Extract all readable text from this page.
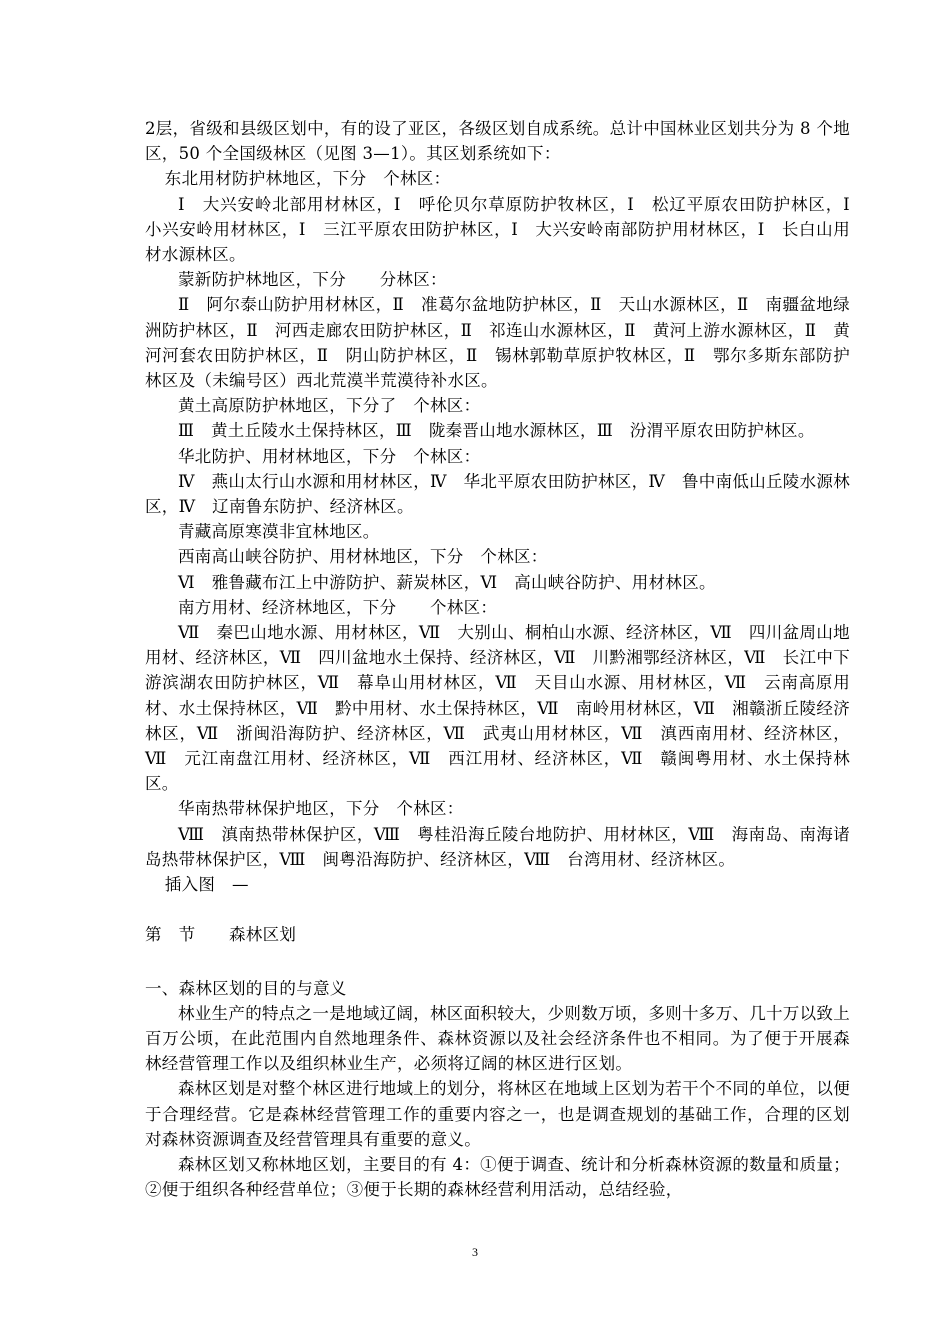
2层，省级和县级区划中，有的设了亚区，各级区划自成系统。总计中国林业区划共分为 8 个地区，50 个全国级林区（见图 3—1）。其区划系统如下：

东北用材防护林地区，下分　个林区：

Ⅰ　大兴安岭北部用材林区，Ⅰ　呼伦贝尔草原防护牧林区，Ⅰ　松辽平原农田防护林区，Ⅰ　小兴安岭用材林区，Ⅰ　三江平原农田防护林区，Ⅰ　大兴安岭南部防护用材林区，Ⅰ　长白山用材水源林区。

蒙新防护林地区，下分　　分林区：

Ⅱ　阿尔泰山防护用材林区，Ⅱ　准葛尔盆地防护林区，Ⅱ　天山水源林区，Ⅱ　南疆盆地绿洲防护林区，Ⅱ　河西走廊农田防护林区，Ⅱ　祁连山水源林区，Ⅱ　黄河上游水源林区，Ⅱ　黄河河套农田防护林区，Ⅱ　阴山防护林区，Ⅱ　锡林郭勒草原护牧林区，Ⅱ　鄂尔多斯东部防护林区及（未编号区）西北荒漠半荒漠待补水区。

黄土高原防护林地区，下分了　个林区：

Ⅲ　黄土丘陵水土保持林区，Ⅲ　陇秦晋山地水源林区，Ⅲ　汾渭平原农田防护林区。

华北防护、用材林地区，下分　个林区：

Ⅳ　燕山太行山水源和用材林区，Ⅳ　华北平原农田防护林区，Ⅳ　鲁中南低山丘陵水源林区，Ⅳ　辽南鲁东防护、经济林区。

青藏高原寒漠非宜林地区。

西南高山峡谷防护、用材林地区，下分　个林区：

Ⅵ　雅鲁藏布江上中游防护、薪炭林区，Ⅵ　高山峡谷防护、用材林区。

南方用材、经济林地区，下分　　个林区：

Ⅶ　秦巴山地水源、用材林区，Ⅶ　大别山、桐柏山水源、经济林区，Ⅶ　四川盆周山地用材、经济林区，Ⅶ　四川盆地水土保持、经济林区，Ⅶ　川黔湘鄂经济林区，Ⅶ　长江中下游滨湖农田防护林区，Ⅶ　幕阜山用材林区，Ⅶ　天目山水源、用材林区，Ⅶ　云南高原用材、水土保持林区，Ⅶ　黔中用材、水土保持林区，Ⅶ　南岭用材林区，Ⅶ　湘赣浙丘陵经济林区，Ⅶ　浙闽沿海防护、经济林区，Ⅶ　武夷山用材林区，Ⅶ　滇西南用材、经济林区，Ⅶ　元江南盘江用材、经济林区，Ⅶ　西江用材、经济林区，Ⅶ　赣闽粤用材、水土保持林区。

华南热带林保护地区，下分　个林区：

Ⅷ　滇南热带林保护区，Ⅷ　粤桂沿海丘陵台地防护、用材林区，Ⅷ　海南岛、南海诸岛热带林保护区，Ⅷ　闽粤沿海防护、经济林区，Ⅷ　台湾用材、经济林区。

插入图　—

第　节　　森林区划

一、森林区划的目的与意义

林业生产的特点之一是地域辽阔，林区面积较大，少则数万顷，多则十多万、几十万以致上百万公顷，在此范围内自然地理条件、森林资源以及社会经济条件也不相同。为了便于开展森林经营管理工作以及组织林业生产，必须将辽阔的林区进行区划。

森林区划是对整个林区进行地域上的划分，将林区在地域上区划为若干个不同的单位，以便于合理经营。它是森林经营管理工作的重要内容之一，也是调查规划的基础工作，合理的区划对森林资源调查及经营管理具有重要的意义。

森林区划又称林地区划，主要目的有 4：①便于调查、统计和分析森林资源的数量和质量；②便于组织各种经营单位；③便于长期的森林经营利用活动，总结经验，

3
